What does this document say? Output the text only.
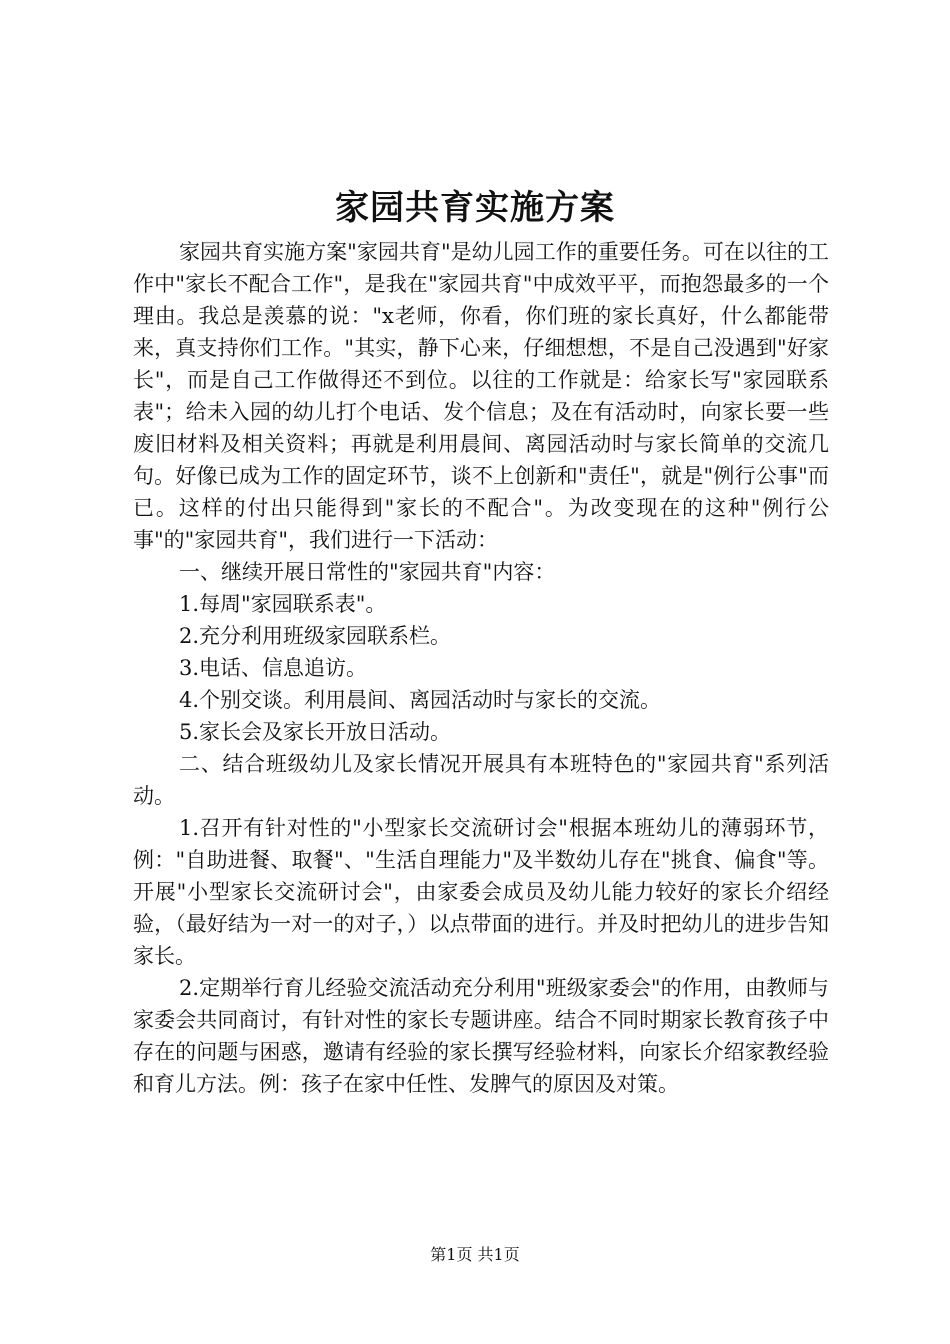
家园共育实施方案

家园共育实施方案"家园共育"是幼儿园工作的重要任务。可在以往的工作中"家长不配合工作"，是我在"家园共育"中成效平平，而抱怨最多的一个理由。我总是羡慕的说："x老师，你看，你们班的家长真好，什么都能带来，真支持你们工作。"其实，静下心来，仔细想想，不是自己没遇到"好家长"，而是自己工作做得还不到位。以往的工作就是：给家长写"家园联系表"；给未入园的幼儿打个电话、发个信息；及在有活动时，向家长要一些废旧材料及相关资料；再就是利用晨间、离园活动时与家长简单的交流几句。好像已成为工作的固定环节，谈不上创新和"责任"，就是"例行公事"而已。这样的付出只能得到"家长的不配合"。为改变现在的这种"例行公事"的"家园共育"，我们进行一下活动：

一、继续开展日常性的"家园共育"内容：

1.每周"家园联系表"。

2.充分利用班级家园联系栏。

3.电话、信息追访。

4.个别交谈。利用晨间、离园活动时与家长的交流。

5.家长会及家长开放日活动。

二、结合班级幼儿及家长情况开展具有本班特色的"家园共育"系列活动。

1.召开有针对性的"小型家长交流研讨会"根据本班幼儿的薄弱环节，例："自助进餐、取餐"、"生活自理能力"及半数幼儿存在"挑食、偏食"等。开展"小型家长交流研讨会"，由家委会成员及幼儿能力较好的家长介绍经验，（最好结为一对一的对子，）以点带面的进行。并及时把幼儿的进步告知家长。

2.定期举行育儿经验交流活动充分利用"班级家委会"的作用，由教师与家委会共同商讨，有针对性的家长专题讲座。结合不同时期家长教育孩子中存在的问题与困惑，邀请有经验的家长撰写经验材料，向家长介绍家教经验和育儿方法。例：孩子在家中任性、发脾气的原因及对策。

第1页 共1页
